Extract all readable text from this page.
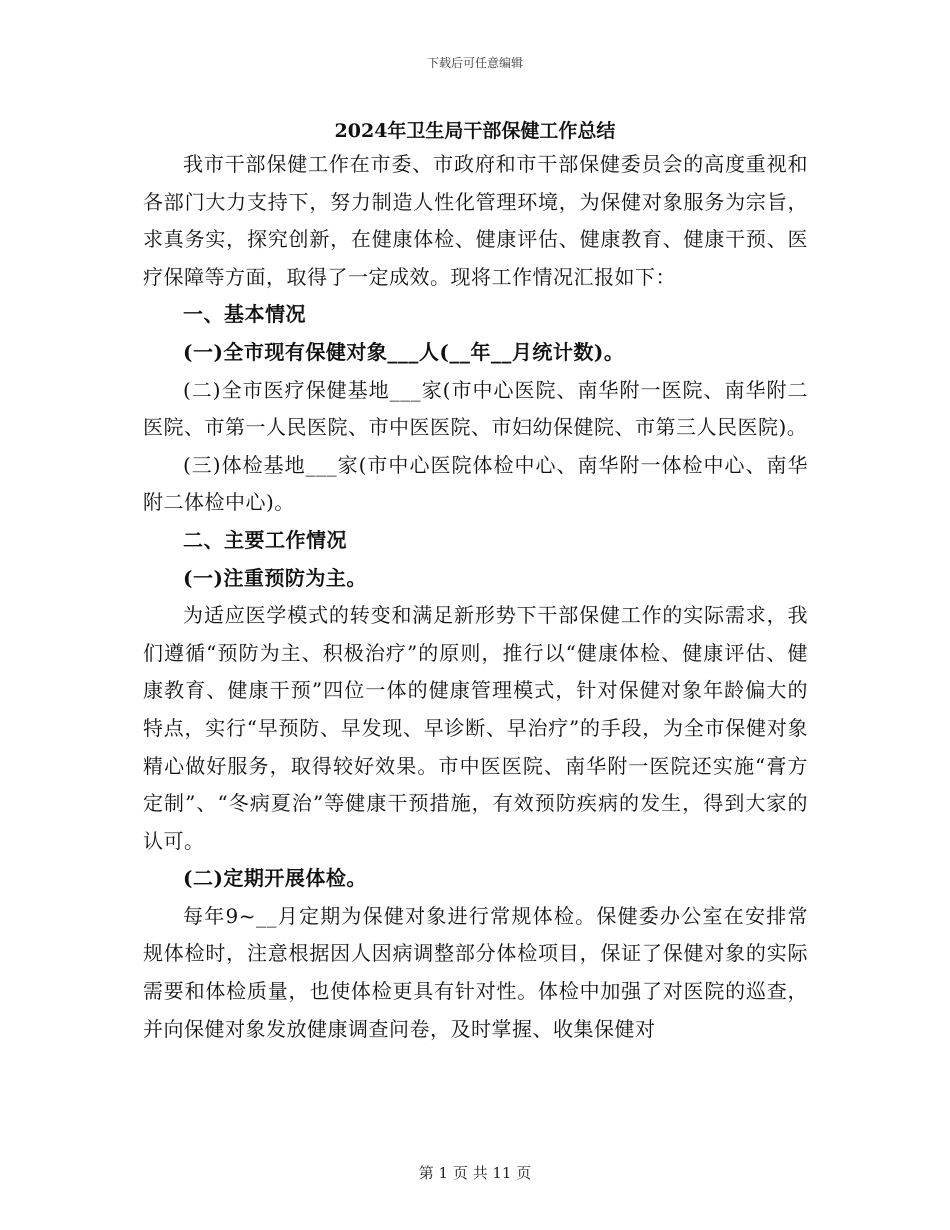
下载后可任意编辑
2024年卫生局干部保健工作总结

我市干部保健工作在市委、市政府和市干部保健委员会的高度重视和各部门大力支持下，努力制造人性化管理环境，为保健对象服务为宗旨，求真务实，探究创新，在健康体检、健康评估、健康教育、健康干预、医疗保障等方面，取得了一定成效。现将工作情况汇报如下：

一、基本情况

(一)全市现有保健对象___人(__年__月统计数)。

(二)全市医疗保健基地___家(市中心医院、南华附一医院、南华附二医院、市第一人民医院、市中医医院、市妇幼保健院、市第三人民医院)。

(三)体检基地___家(市中心医院体检中心、南华附一体检中心、南华附二体检中心)。

二、主要工作情况

(一)注重预防为主。

为适应医学模式的转变和满足新形势下干部保健工作的实际需求，我们遵循“预防为主、积极治疗”的原则，推行以“健康体检、健康评估、健康教育、健康干预”四位一体的健康管理模式，针对保健对象年龄偏大的特点，实行“早预防、早发现、早诊断、早治疗”的手段，为全市保健对象精心做好服务，取得较好效果。市中医医院、南华附一医院还实施“膏方定制”、“冬病夏治”等健康干预措施，有效预防疾病的发生，得到大家的认可。

(二)定期开展体检。

每年9~__月定期为保健对象进行常规体检。保健委办公室在安排常规体检时，注意根据因人因病调整部分体检项目，保证了保健对象的实际需要和体检质量，也使体检更具有针对性。体检中加强了对医院的巡查，并向保健对象发放健康调查问卷，及时掌握、收集保健对

第 1 页 共 11 页
